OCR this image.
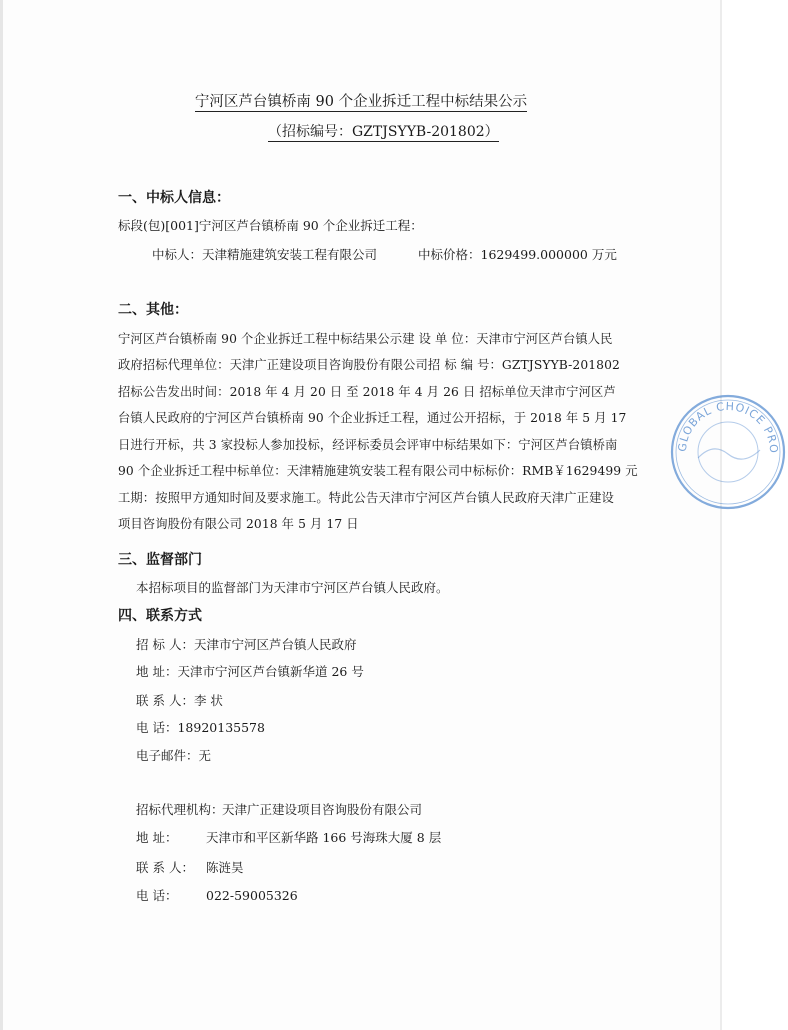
宁河区芦台镇桥南 90 个企业拆迁工程中标结果公示
（招标编号：GZTJSYYB-201802）
一、中标人信息：
标段(包)[001]宁河区芦台镇桥南 90 个企业拆迁工程：
中标人：天津精施建筑安装工程有限公司	中标价格：1629499.000000 万元
二、其他：
宁河区芦台镇桥南 90 个企业拆迁工程中标结果公示建 设 单 位：天津市宁河区芦台镇人民
政府招标代理单位：天津广正建设项目咨询股份有限公司招 标 编 号：GZTJSYYB-201802
招标公告发出时间：2018 年 4 月 20 日 至 2018 年 4 月 26 日 招标单位天津市宁河区芦
台镇人民政府的宁河区芦台镇桥南 90 个企业拆迁工程，通过公开招标，于 2018 年 5 月 17
日进行开标，共 3 家投标人参加投标，经评标委员会评审中标结果如下：宁河区芦台镇桥南
90 个企业拆迁工程中标单位：天津精施建筑安装工程有限公司中标标价：RMB￥1629499 元
工期：按照甲方通知时间及要求施工。特此公告天津市宁河区芦台镇人民政府天津广正建设
项目咨询股份有限公司 2018 年 5 月 17 日
三、监督部门
本招标项目的监督部门为天津市宁河区芦台镇人民政府。
四、联系方式
招 标 人：天津市宁河区芦台镇人民政府
地 址：天津市宁河区芦台镇新华道 26 号
联 系 人：李 状
电 话：18920135578
电子邮件：无
招标代理机构：
天津广正建设项目咨询股份有限公司
地 址： 天津市和平区新华路 166 号海珠大厦 8 层
联 系 人： 陈涟昊
电 话： 022-59005326
GLOBAL CHOICE PRO
